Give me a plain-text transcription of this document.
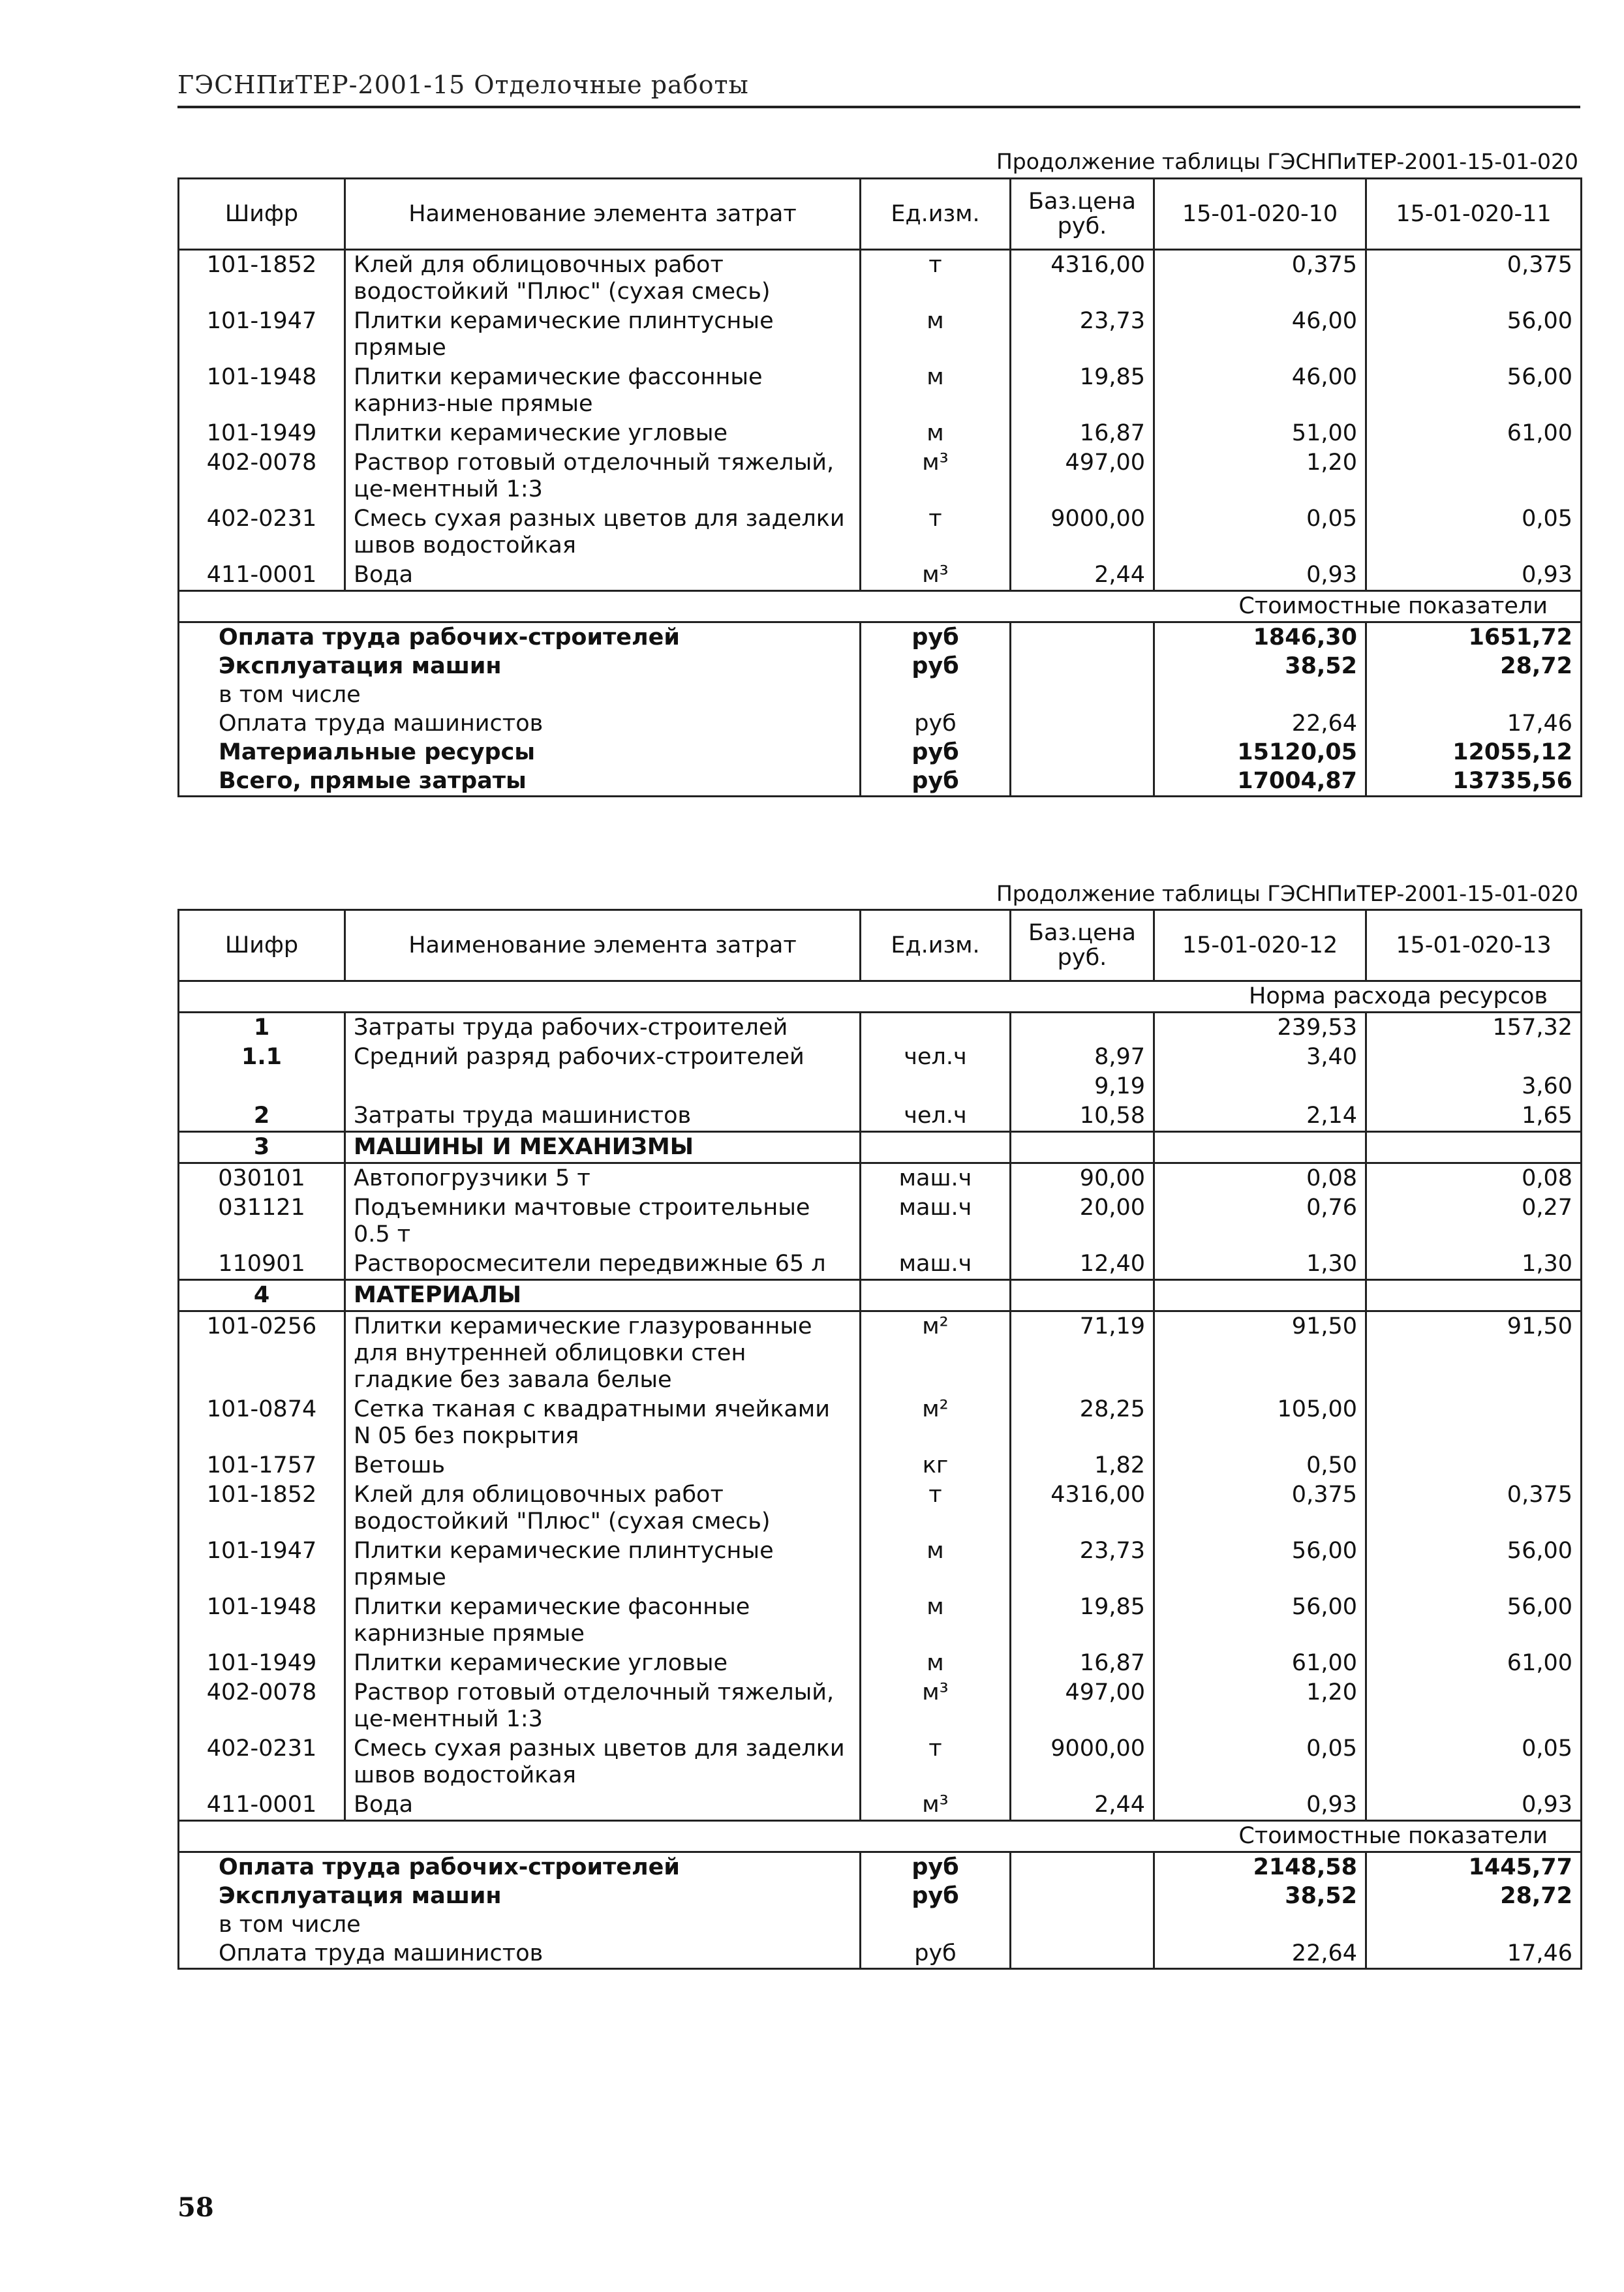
ГЭСНПиТЕР-2001-15 Отделочные работы
Продолжение таблицы ГЭСНПиТЕР-2001-15-01-020
Шифр	Наименование элемента затрат	Ед.изм.	Баз.цена руб.	15-01-020-10	15-01-020-11
101-1852	Клей для облицовочных работ водостойкий "Плюс" (сухая смесь)	т	4316,00	0,375	0,375
101-1947	Плитки керамические плинтусные прямые	м	23,73	46,00	56,00
101-1948	Плитки керамические фассонные карниз-ные прямые	м	19,85	46,00	56,00
101-1949	Плитки керамические угловые	м	16,87	51,00	61,00
402-0078	Раствор готовый отделочный тяжелый, це-ментный 1:3	м³	497,00	1,20	
402-0231	Смесь сухая разных цветов для заделки швов водостойкая	т	9000,00	0,05	0,05
411-0001	Вода	м³	2,44	0,93	0,93
Стоимостные показатели					
Оплата труда рабочих-строителей		руб		1846,30	1651,72
Эксплуатация машин		руб		38,52	28,72
в том числе					
Оплата труда машинистов		руб		22,64	17,46
Материальные ресурсы		руб		15120,05	12055,12
Всего, прямые затраты		руб		17004,87	13735,56
Продолжение таблицы ГЭСНПиТЕР-2001-15-01-020
Шифр	Наименование элемента затрат	Ед.изм.	Баз.цена руб.	15-01-020-12	15-01-020-13
Норма расхода ресурсов					
1	Затраты труда рабочих-строителей			239,53	157,32
1.1	Средний разряд рабочих-строителей	чел.ч	8,97	3,40	
			9,19		3,60
2	Затраты труда машинистов	чел.ч	10,58	2,14	1,65
3	МАШИНЫ И МЕХАНИЗМЫ				
030101	Автопогрузчики 5 т	маш.ч	90,00	0,08	0,08
031121	Подъемники мачтовые строительные 0.5 т	маш.ч	20,00	0,76	0,27
110901	Растворосмесители передвижные 65 л	маш.ч	12,40	1,30	1,30
4	МАТЕРИАЛЫ				
101-0256	Плитки керамические глазурованные для внутренней облицовки стен гладкие без завала белые	м²	71,19	91,50	91,50
101-0874	Сетка тканая с квадратными ячейками N 05 без покрытия	м²	28,25	105,00	
101-1757	Ветошь	кг	1,82	0,50	
101-1852	Клей для облицовочных работ водостойкий "Плюс" (сухая смесь)	т	4316,00	0,375	0,375
101-1947	Плитки керамические плинтусные прямые	м	23,73	56,00	56,00
101-1948	Плитки керамические фасонные карнизные прямые	м	19,85	56,00	56,00
101-1949	Плитки керамические угловые	м	16,87	61,00	61,00
402-0078	Раствор готовый отделочный тяжелый, це-ментный 1:3	м³	497,00	1,20	
402-0231	Смесь сухая разных цветов для заделки швов водостойкая	т	9000,00	0,05	0,05
411-0001	Вода	м³	2,44	0,93	0,93
Стоимостные показатели					
Оплата труда рабочих-строителей		руб		2148,58	1445,77
Эксплуатация машин		руб		38,52	28,72
в том числе					
Оплата труда машинистов		руб		22,64	17,46
58
